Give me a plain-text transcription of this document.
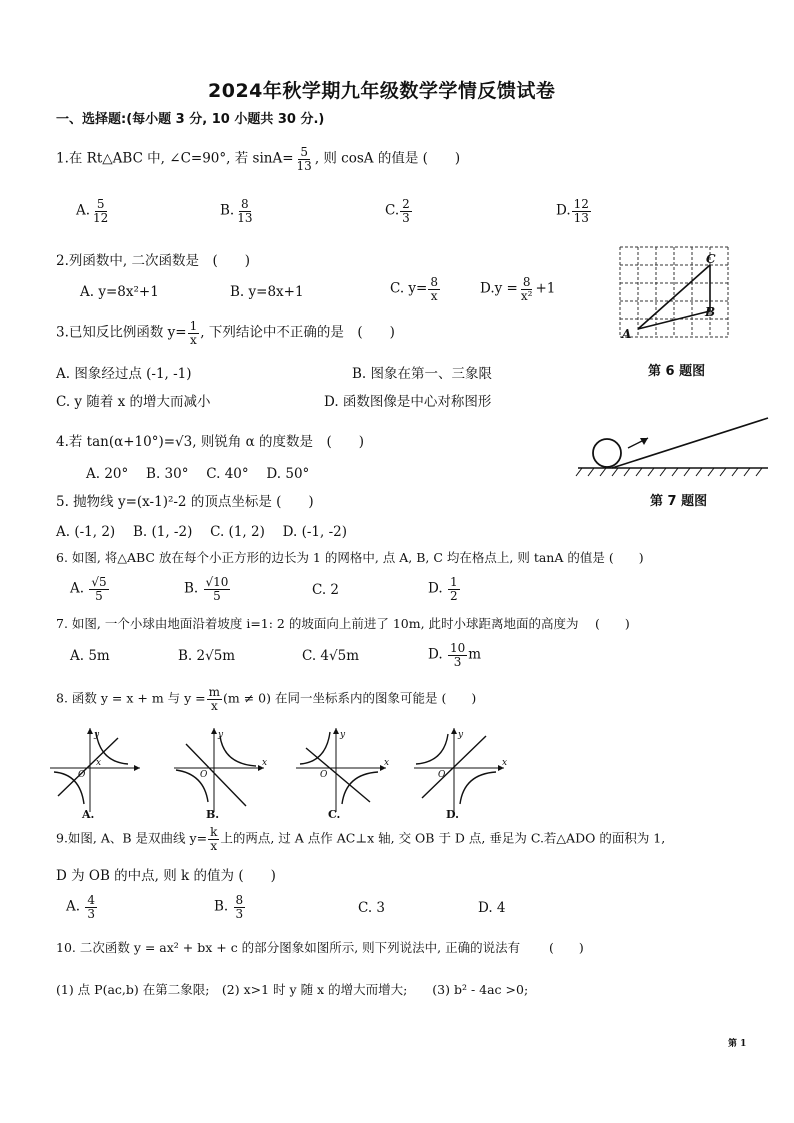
2024年秋学期九年级数学学情反馈试卷
一、选择题:(每小题 3 分, 10 小题共 30 分.)
1.在 Rt△ABC 中, ∠C=90°, 若 $\sin A= \frac{5}{13}$ , 则 cosA 的值是 (　　)
A. $\frac{5}{12}$	B. $\frac{8}{13}$	C. $\frac{2}{3}$	D. $\frac{12}{13}$
2.列函数中, 二次函数是　(　　)
A. y=8x²+1	B. y=8x+1	C. $y= \frac{8}{x}$	$D.y = \frac{8}{\text{x²}} +1$
3.已知反比例函数 $y= \frac{1}{x}$ , 下列结论中不正确的是　(　　)
A. 图象经过点 (-1, -1)	B. 图象在第一、三象限
C. y 随着 x 的增大而减小	D. 函数图像是中心对称图形
A
B
C
第 6 题图
4.若 tan(α+10°)=√3, 则锐角 α 的度数是　(　　)
A. 20°　 B. 30°　 C. 40°　 D. 50°
第 7 题图
5. 抛物线 y=(x-1)²-2 的顶点坐标是 (　　)
A. (-1, 2)　 B. (1, -2)　 C. (1, 2)　 D. (-1, -2)
6. 如图, 将△ABC 放在每个小正方形的边长为 1 的网格中, 点 A, B, C 均在格点上, 则 tanA 的值是 (　　)
A. $\frac{√5}{5}$	B. $\frac{√10}{5}$	C. 2	D. $\frac{1}{2}$
7. 如图, 一个小球由地面沿着坡度 i=1: 2 的坡面向上前进了 10m, 此时小球距离地面的高度为　 (　　)
A. 5m	B. 2√5m	C. 4√5m	D. $\frac{10}{3}$ m
8. 函数 y = x + m 与 $y = \frac{m}{x} (m \ne 0)$ 在同一坐标系内的图象可能是 (　　)
x
y
O
A.
x
y
O
B.
x
y
O
C.
x
y
O
D.
9.如图, A、B 是双曲线 $y= \frac{k}{x}$ 上的两点, 过 A 点作 AC⊥x 轴, 交 OB 于 D 点, 垂足为 C.若△ADO 的面积为 1,
D 为 OB 的中点, 则 k 的值为 (　　)
A. $\frac{4}{3}$	B. $\frac{8}{3}$	C. 3	D. 4
10. 二次函数 y = ax² + bx + c 的部分图象如图所示, 则下列说法中, 正确的说法有　　 (　　)
(1) 点 P(ac,b) 在第二象限;　(2) x>1 时 y 随 x 的增大而增大;　　(3) b² - 4ac >0;
第 1
